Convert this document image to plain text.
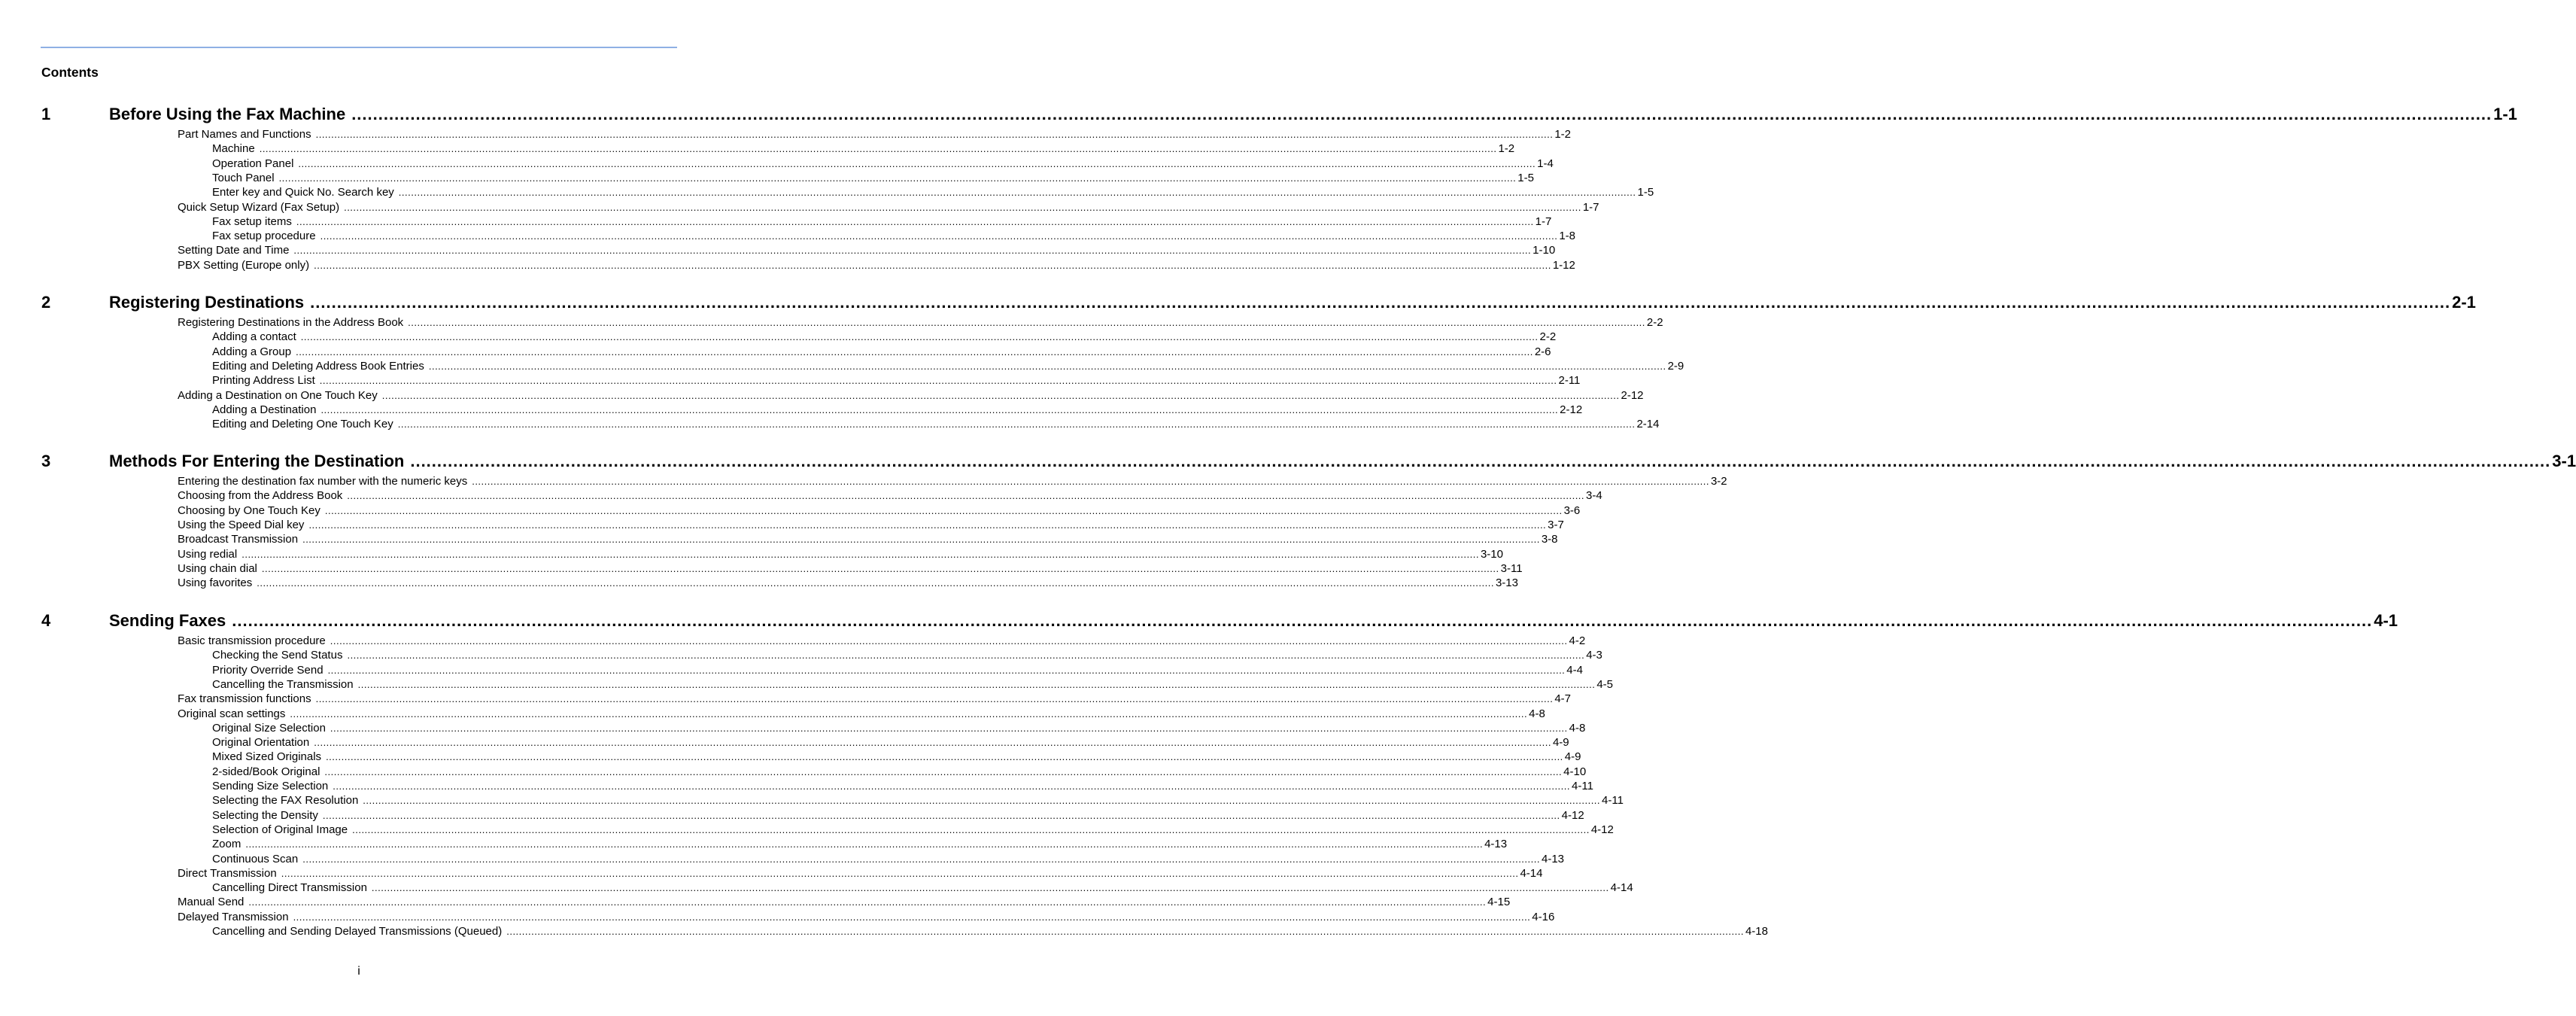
Contents
1	Before Using the Fax Machine ................................................................................................................................................................................................................................................................................................................................................................................................................ 1-1
Part Names and Functions ................................................................................................................................................................................................................................................................................................................................................................................................................ 1-2
Machine ................................................................................................................................................................................................................................................................................................................................................................................................................ 1-2
Operation Panel ................................................................................................................................................................................................................................................................................................................................................................................................................ 1-4
Touch Panel ................................................................................................................................................................................................................................................................................................................................................................................................................ 1-5
Enter key and Quick No. Search key ................................................................................................................................................................................................................................................................................................................................................................................................................ 1-5
Quick Setup Wizard (Fax Setup) ................................................................................................................................................................................................................................................................................................................................................................................................................ 1-7
Fax setup items ................................................................................................................................................................................................................................................................................................................................................................................................................ 1-7
Fax setup procedure ................................................................................................................................................................................................................................................................................................................................................................................................................ 1-8
Setting Date and Time ................................................................................................................................................................................................................................................................................................................................................................................................................ 1-10
PBX Setting (Europe only) ................................................................................................................................................................................................................................................................................................................................................................................................................ 1-12
2	Registering Destinations ................................................................................................................................................................................................................................................................................................................................................................................................................ 2-1
Registering Destinations in the Address Book ................................................................................................................................................................................................................................................................................................................................................................................................................ 2-2
Adding a contact ................................................................................................................................................................................................................................................................................................................................................................................................................ 2-2
Adding a Group ................................................................................................................................................................................................................................................................................................................................................................................................................ 2-6
Editing and Deleting Address Book Entries ................................................................................................................................................................................................................................................................................................................................................................................................................ 2-9
Printing Address List ................................................................................................................................................................................................................................................................................................................................................................................................................ 2-11
Adding a Destination on One Touch Key ................................................................................................................................................................................................................................................................................................................................................................................................................ 2-12
Adding a Destination ................................................................................................................................................................................................................................................................................................................................................................................................................ 2-12
Editing and Deleting One Touch Key ................................................................................................................................................................................................................................................................................................................................................................................................................ 2-14
3	Methods For Entering the Destination ................................................................................................................................................................................................................................................................................................................................................................................................................ 3-1
Entering the destination fax number with the numeric keys ................................................................................................................................................................................................................................................................................................................................................................................................................ 3-2
Choosing from the Address Book ................................................................................................................................................................................................................................................................................................................................................................................................................ 3-4
Choosing by One Touch Key ................................................................................................................................................................................................................................................................................................................................................................................................................ 3-6
Using the Speed Dial key ................................................................................................................................................................................................................................................................................................................................................................................................................ 3-7
Broadcast Transmission ................................................................................................................................................................................................................................................................................................................................................................................................................ 3-8
Using redial ................................................................................................................................................................................................................................................................................................................................................................................................................ 3-10
Using chain dial ................................................................................................................................................................................................................................................................................................................................................................................................................ 3-11
Using favorites ................................................................................................................................................................................................................................................................................................................................................................................................................ 3-13
4	Sending Faxes ................................................................................................................................................................................................................................................................................................................................................................................................................ 4-1
Basic transmission procedure ................................................................................................................................................................................................................................................................................................................................................................................................................ 4-2
Checking the Send Status ................................................................................................................................................................................................................................................................................................................................................................................................................ 4-3
Priority Override Send ................................................................................................................................................................................................................................................................................................................................................................................................................ 4-4
Cancelling the Transmission ................................................................................................................................................................................................................................................................................................................................................................................................................ 4-5
Fax transmission functions ................................................................................................................................................................................................................................................................................................................................................................................................................ 4-7
Original scan settings ................................................................................................................................................................................................................................................................................................................................................................................................................ 4-8
Original Size Selection ................................................................................................................................................................................................................................................................................................................................................................................................................ 4-8
Original Orientation ................................................................................................................................................................................................................................................................................................................................................................................................................ 4-9
Mixed Sized Originals ................................................................................................................................................................................................................................................................................................................................................................................................................ 4-9
2-sided/Book Original ................................................................................................................................................................................................................................................................................................................................................................................................................ 4-10
Sending Size Selection ................................................................................................................................................................................................................................................................................................................................................................................................................ 4-11
Selecting the FAX Resolution ................................................................................................................................................................................................................................................................................................................................................................................................................ 4-11
Selecting the Density ................................................................................................................................................................................................................................................................................................................................................................................................................ 4-12
Selection of Original Image ................................................................................................................................................................................................................................................................................................................................................................................................................ 4-12
Zoom ................................................................................................................................................................................................................................................................................................................................................................................................................ 4-13
Continuous Scan ................................................................................................................................................................................................................................................................................................................................................................................................................ 4-13
Direct Transmission ................................................................................................................................................................................................................................................................................................................................................................................................................ 4-14
Cancelling Direct Transmission ................................................................................................................................................................................................................................................................................................................................................................................................................ 4-14
Manual Send ................................................................................................................................................................................................................................................................................................................................................................................................................ 4-15
Delayed Transmission ................................................................................................................................................................................................................................................................................................................................................................................................................ 4-16
Cancelling and Sending Delayed Transmissions (Queued) ................................................................................................................................................................................................................................................................................................................................................................................................................ 4-18
i
